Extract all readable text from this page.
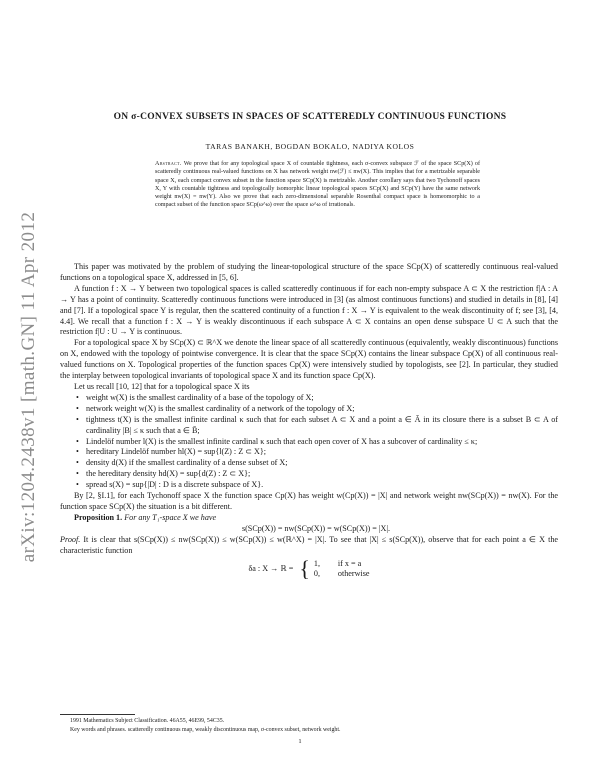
arXiv:1204.2438v1 [math.GN] 11 Apr 2012
ON σ-CONVEX SUBSETS IN SPACES OF SCATTEREDLY CONTINUOUS FUNCTIONS
TARAS BANAKH, BOGDAN BOKALO, NADIYA KOLOS
Abstract. We prove that for any topological space X of countable tightness, each σ-convex subspace ℱ of the space SCp(X) of scatteredly continuous real-valued functions on X has network weight nw(ℱ) ≤ nw(X). This implies that for a metrizable separable space X, each compact convex subset in the function space SCp(X) is metrizable. Another corollary says that two Tychonoff spaces X, Y with countable tightness and topologically isomorphic linear topological spaces SCp(X) and SCp(Y) have the same network weight nw(X) = nw(Y). Also we prove that each zero-dimensional separable Rosenthal compact space is homeomorphic to a compact subset of the function space SCp(ω^ω) over the space ω^ω of irrationals.

This paper was motivated by the problem of studying the linear-topological structure of the space SCp(X) of scatteredly continuous real-valued functions on a topological space X, addressed in [5, 6].

A function f : X → Y between two topological spaces is called scatteredly continuous if for each non-empty subspace A ⊂ X the restriction f|A : A → Y has a point of continuity. Scatteredly continuous functions were introduced in [3] (as almost continuous functions) and studied in details in [8], [4] and [7]. If a topological space Y is regular, then the scattered continuity of a function f : X → Y is equivalent to the weak discontinuity of f; see [3], [4, 4.4]. We recall that a function f : X → Y is weakly discontinuous if each subspace A ⊂ X contains an open dense subspace U ⊂ A such that the restriction f|U : U → Y is continuous.

For a topological space X by SCp(X) ⊂ ℝ^X we denote the linear space of all scatteredly continuous (equivalently, weakly discontinuous) functions on X, endowed with the topology of pointwise convergence. It is clear that the space SCp(X) contains the linear subspace Cp(X) of all continuous real-valued functions on X. Topological properties of the function spaces Cp(X) were intensively studied by topologists, see [2]. In particular, they studied the interplay between topological invariants of topological space X and its function space Cp(X).

Let us recall [10, 12] that for a topological space X its

• weight w(X) is the smallest cardinality of a base of the topology of X;
• network weight w(X) is the smallest cardinality of a network of the topology of X;
• tightness t(X) is the smallest infinite cardinal κ such that for each subset A ⊂ X and a point a ∈ Ā in its closure there is a subset B ⊂ A of cardinality |B| ≤ κ such that a ∈ B̄;
• Lindelöf number l(X) is the smallest infinite cardinal κ such that each open cover of X has a subcover of cardinality ≤ κ;
• hereditary Lindelöf number hl(X) = sup{l(Z) : Z ⊂ X};
• density d(X) if the smallest cardinality of a dense subset of X;
• the hereditary density hd(X) = sup{d(Z) : Z ⊂ X};
• spread s(X) = sup{|D| : D is a discrete subspace of X}.

By [2, §I.1], for each Tychonoff space X the function space Cp(X) has weight w(Cp(X)) = |X| and network weight nw(SCp(X)) = nw(X). For the function space SCp(X) the situation is a bit different.

Proposition 1. For any T₁-space X we have

s(SCp(X)) = nw(SCp(X)) = w(SCp(X)) = |X|.

Proof. It is clear that s(SCp(X)) ≤ nw(SCp(X)) ≤ w(SCp(X)) ≤ w(ℝ^X) = |X|. To see that |X| ≤ s(SCp(X)), observe that for each point a ∈ X the characteristic function

δa : X → ℝ = { 1, if x = a
0, otherwise

1991 Mathematics Subject Classification. 46A55, 46E99, 54C35.

Key words and phrases. scatteredly continuous map, weakly discontinuous map, σ-convex subset, network weight.

1
